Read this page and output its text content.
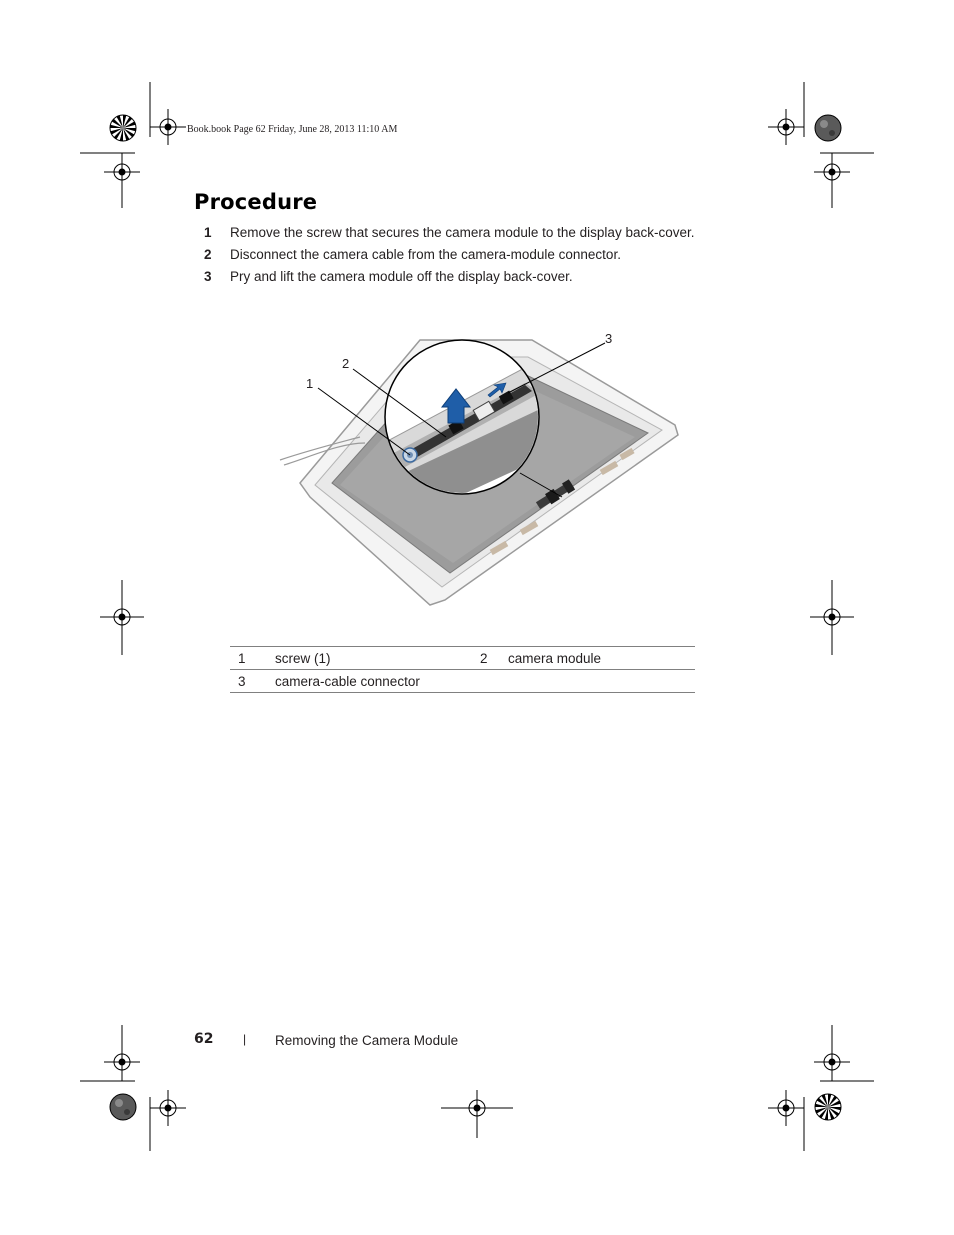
Book.book Page 62 Friday, June 28, 2013 11:10 AM
Procedure
1	Remove the screw that secures the camera module to the display back-cover.
2	Disconnect the camera cable from the camera-module connector.
3	Pry and lift the camera module off the display back-cover.
1
2
3
1	screw (1)	2	camera module
3	camera-cable connector		
62 | Removing the Camera Module
